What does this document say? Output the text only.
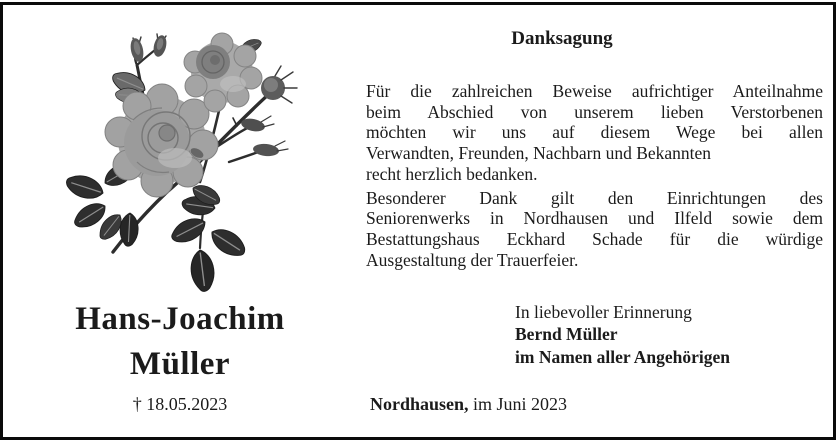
Hans-Joachim
Müller
† 18.05.2023
Danksagung
Für die zahlreichen Beweise aufrichtiger Anteilnahme
beim Abschied von unserem lieben Verstorbenen
möchten wir uns auf diesem Wege bei allen
Verwandten, Freunden, Nachbarn und Bekannten
recht herzlich bedanken.
Besonderer Dank gilt den Einrichtungen des
Seniorenwerks in Nordhausen und Ilfeld sowie dem
Bestattungshaus Eckhard Schade für die würdige
Ausgestaltung der Trauerfeier.
In liebevoller Erinnerung
Bernd Müller
im Namen aller Angehörigen
Nordhausen, im Juni 2023
